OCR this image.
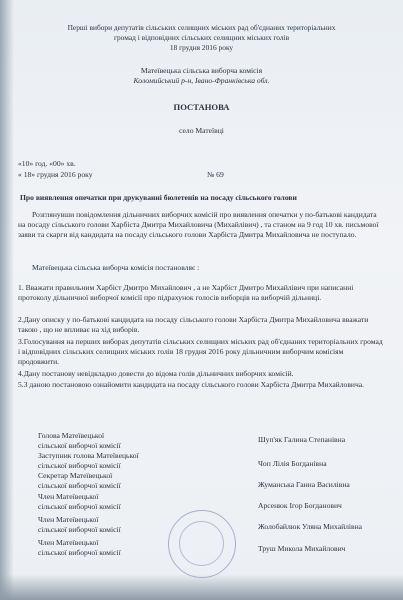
Перші вибори депутатів сільських селищних міських рад об'єднаних територіальних
громад і відповідних сільських селищних міських голів
18 грудня 2016 року
Матеївецька сільська виборча комісія
Коломийський р-н, Івано-Франківська обл.
ПОСТАНОВА
село Матеївці
«10» год. «00» хв.
« 18» грудня 2016 року	№ 69
Про виявлення опечатки при друкуванні бюлетенів на посаду сільського голови
Розглянувши повідомлення дільничних виборчих комісій про виявлення опечатки у по-батькові кандидата на посаду сільського голови Харбіста Дмитра Михайловича (Михайлівич) , та станом на 9 год 10 хв. письмової заяви та скарги від кандидата на посаду сільського голови Харбіста Дмитра Михайловича не поступало.
Матеївецька сільська виборча комісія постановляє :
1. Вважати правильним Харбіст Дмитро Михайлович , а не Харбіст Дмитро Михайлівич при написанні протоколу дільничної виборчої комісії про підрахунок голосів виборців на виборчій дільниці.
2.Дану описку у по-батькові кандидата на посаду сільського голови Харбіста Дмитра Михайловича вважати такою , що не впливає на хід виборів.
3.Голосування на перших виборах депутатів сільських селищних міських рад об'єднаних територіальних громад і відповідних сільських селищних міських голів 18 грудня 2016 року дільничним виборчим комісіям продовжити.
4.Дану постанову невідкладно довести до відома голів дільничних виборчих комісій.
5.З даною постановою ознайомити кандидата на посаду сільського голови Харбіста Дмитра Михайловича.
Голова Матеївецької
сільської виборчої комісії
Заступник голова Матеївецької
сільської виборчої комісії
Секретар Матеївецької
сільської виборчої комісії
Член Матеївецької
сільської виборчої комісії
Член Матеївецької
сільської виборчої комісії
Член Матеївецької
сільської виборчої комісії
Шуп'як Галина Степанівна
Чоп Лілія Богданівна
Жуманська Ганна Василівна
Арсенюк Ігор Богданович
Жолобайлюк Уляна Михайлівна
Труш Микола Михайлович
